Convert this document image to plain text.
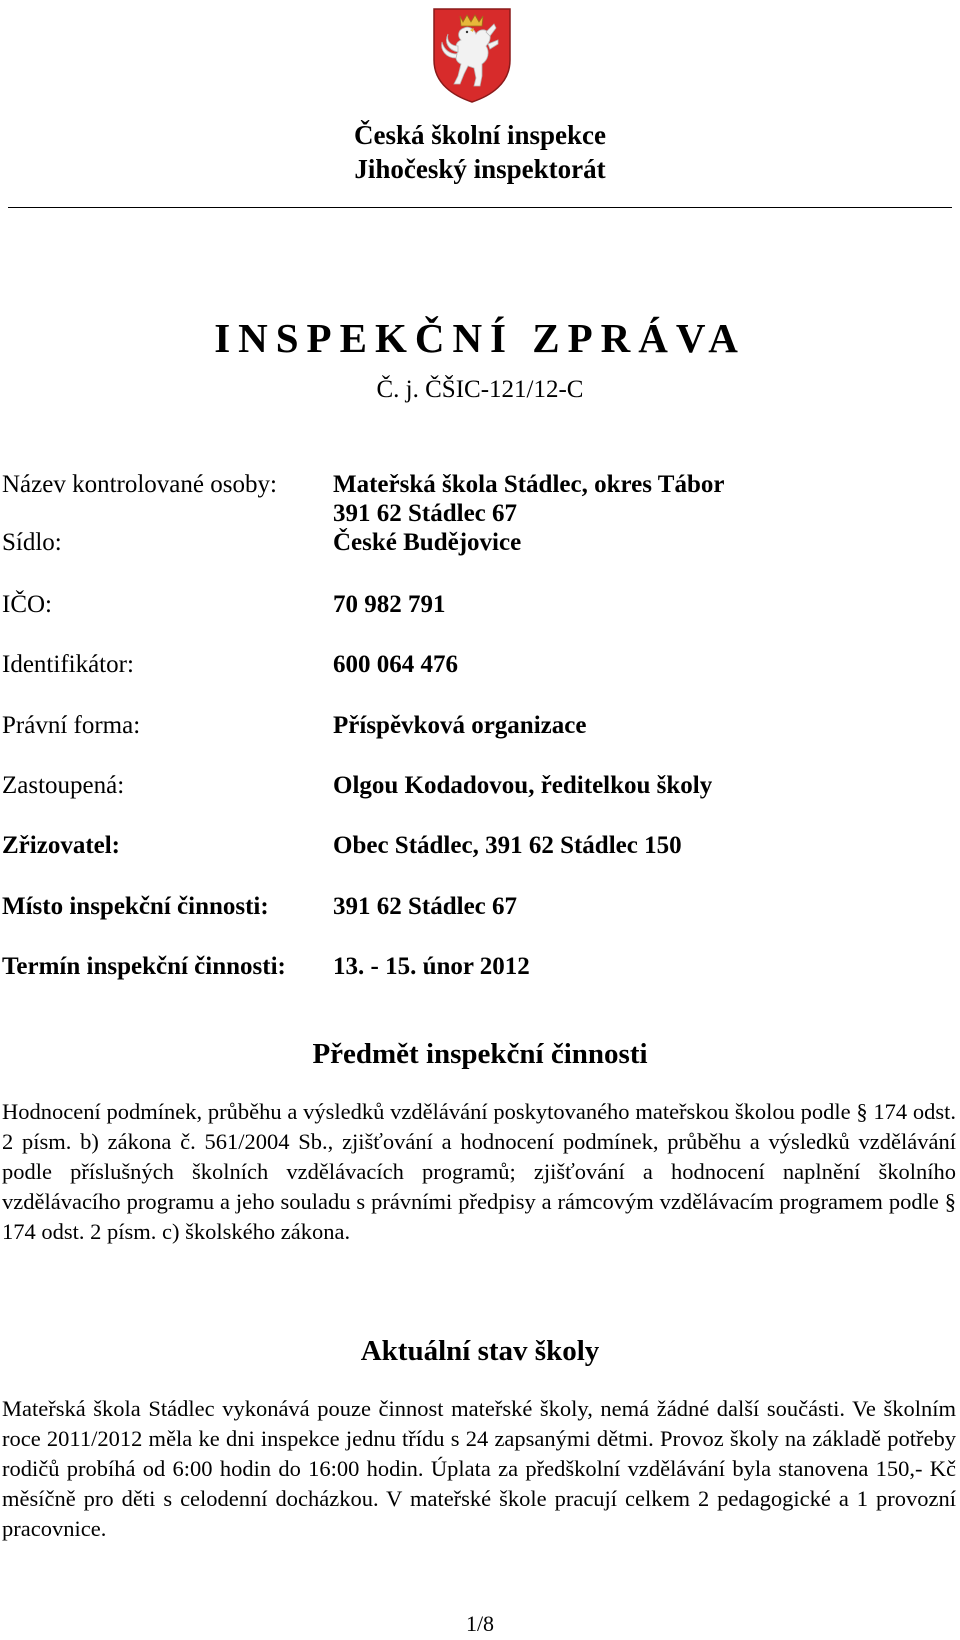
Česká školní inspekce
Jihočeský inspektorát
INSPEKČNÍ ZPRÁVA
Č. j. ČŠIC-121/12-C
Název kontrolované osoby: Mateřská škola Stádlec, okres Tábor
391 62 Stádlec 67
Sídlo:	České Budějovice
IČO:	70 982 791
Identifikátor:	600 064 476
Právní forma:	Příspěvková organizace
Zastoupená:	Olgou Kodadovou, ředitelkou školy
Zřizovatel:	Obec Stádlec, 391 62 Stádlec 150
Místo inspekční činnosti:	391 62 Stádlec 67
Termín inspekční činnosti: 13. - 15. únor 2012
Předmět inspekční činnosti
Hodnocení podmínek, průběhu a výsledků vzdělávání poskytovaného mateřskou školou podle § 174 odst. 2 písm. b) zákona č. 561/2004 Sb., zjišťování a hodnocení podmínek, průběhu a výsledků vzdělávání podle příslušných školních vzdělávacích programů; zjišťování a hodnocení naplnění školního vzdělávacího programu a jeho souladu s právními předpisy a rámcovým vzdělávacím programem podle § 174 odst. 2 písm. c) školského zákona.
Aktuální stav školy
Mateřská škola Stádlec vykonává pouze činnost mateřské školy, nemá žádné další součásti. Ve školním roce 2011/2012 měla ke dni inspekce jednu třídu s 24 zapsanými dětmi. Provoz školy na základě potřeby rodičů probíhá od 6:00 hodin do 16:00 hodin. Úplata za předškolní vzdělávání byla stanovena 150,- Kč měsíčně pro děti s celodenní docházkou. V mateřské škole pracují celkem 2 pedagogické a 1 provozní pracovnice.
1/8
